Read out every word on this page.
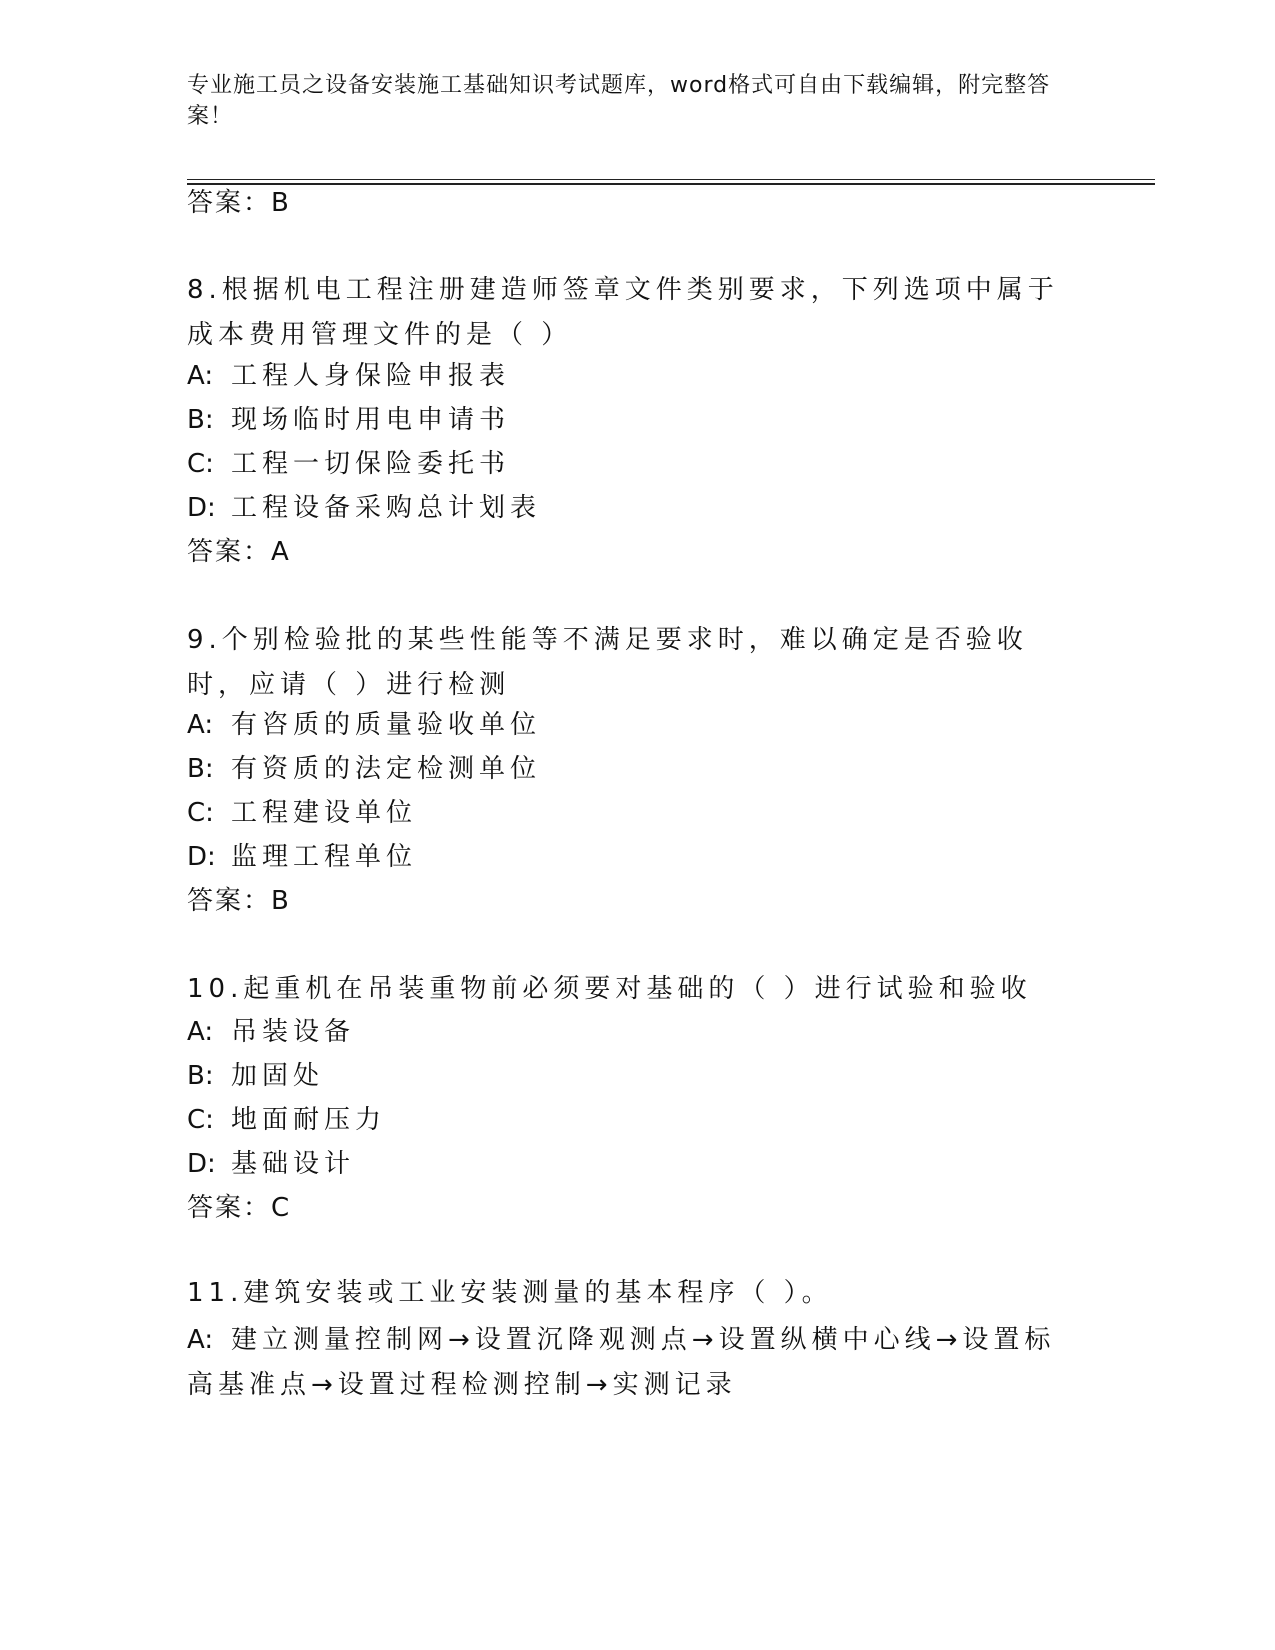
专业施工员之设备安装施工基础知识考试题库，word格式可自由下载编辑，附完整答案！
答案：B
8.根据机电工程注册建造师签章文件类别要求，下列选项中属于成本费用管理文件的是（ ）
A: 工程人身保险申报表
B: 现场临时用电申请书
C: 工程一切保险委托书
D: 工程设备采购总计划表
答案：A
9.个别检验批的某些性能等不满足要求时，难以确定是否验收时，应请（ ）进行检测
A: 有咨质的质量验收单位
B: 有资质的法定检测单位
C: 工程建设单位
D: 监理工程单位
答案：B
10.起重机在吊装重物前必须要对基础的（ ）进行试验和验收
A: 吊装设备
B: 加固处
C: 地面耐压力
D: 基础设计
答案：C
11.建筑安装或工业安装测量的基本程序（ ）。
A: 建立测量控制网→设置沉降观测点→设置纵横中心线→设置标高基准点→设置过程检测控制→实测记录
